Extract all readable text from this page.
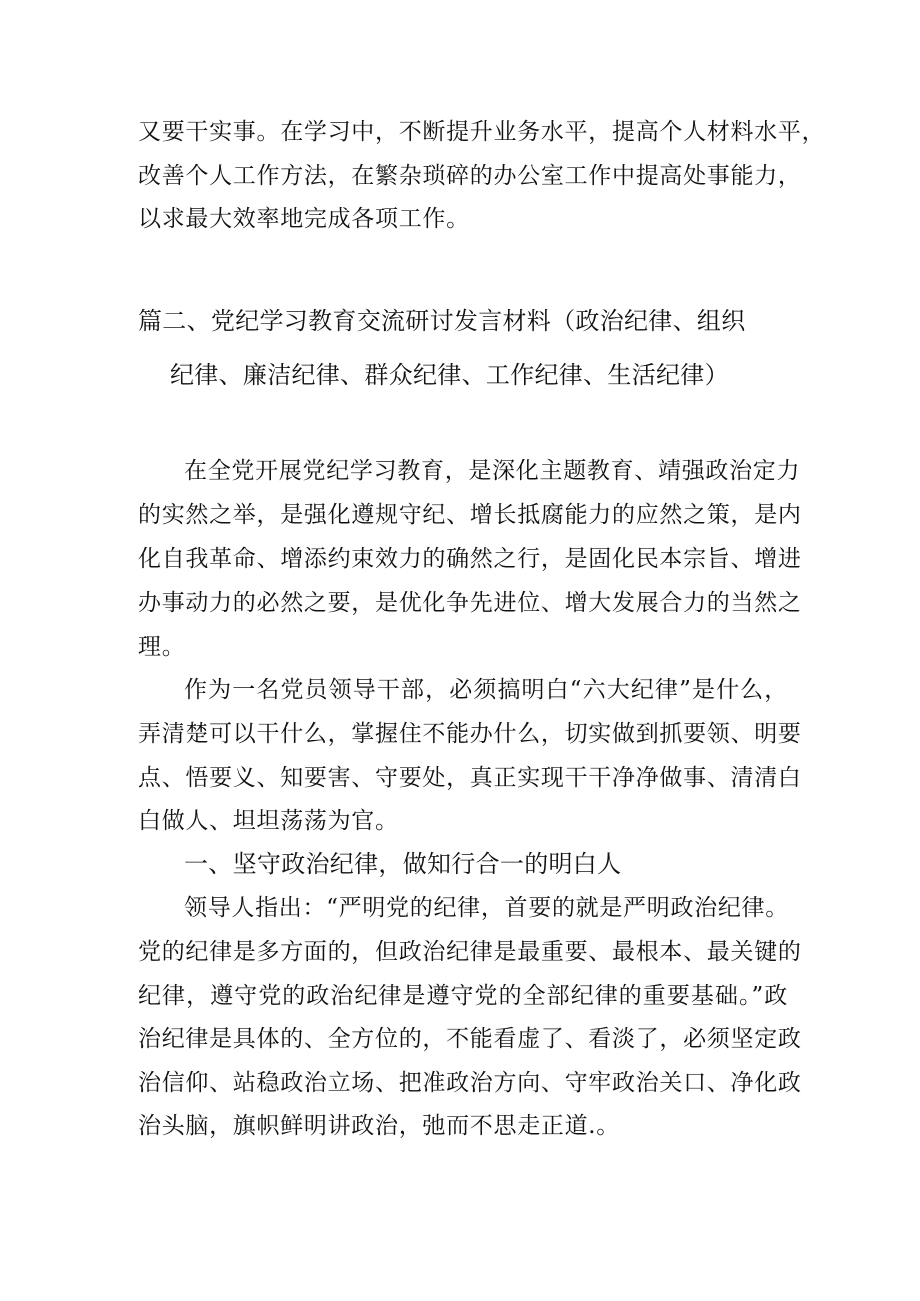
又要干实事。在学习中，不断提升业务水平，提高个人材料水平，
改善个人工作方法，在繁杂琐碎的办公室工作中提高处事能力，
以求最大效率地完成各项工作。
篇二、党纪学习教育交流研讨发言材料（政治纪律、组织
纪律、廉洁纪律、群众纪律、工作纪律、生活纪律）
在全党开展党纪学习教育，是深化主题教育、靖强政治定力
的实然之举，是强化遵规守纪、增长抵腐能力的应然之策，是内
化自我革命、增添约束效力的确然之行，是固化民本宗旨、增进
办事动力的必然之要，是优化争先进位、增大发展合力的当然之
理。
作为一名党员领导干部，必须搞明白“六大纪律”是什么，
弄清楚可以干什么，掌握住不能办什么，切实做到抓要领、明要
点、悟要义、知要害、守要处，真正实现干干净净做事、清清白
白做人、坦坦荡荡为官。
一、坚守政治纪律，做知行合一的明白人
领导人指出：“严明党的纪律，首要的就是严明政治纪律。
党的纪律是多方面的，但政治纪律是最重要、最根本、最关键的
纪律，遵守党的政治纪律是遵守党的全部纪律的重要基础。”政
治纪律是具体的、全方位的，不能看虚了、看淡了，必须坚定政
治信仰、站稳政治立场、把准政治方向、守牢政治关口、净化政
治头脑，旗帜鲜明讲政治，弛而不思走正道.。
